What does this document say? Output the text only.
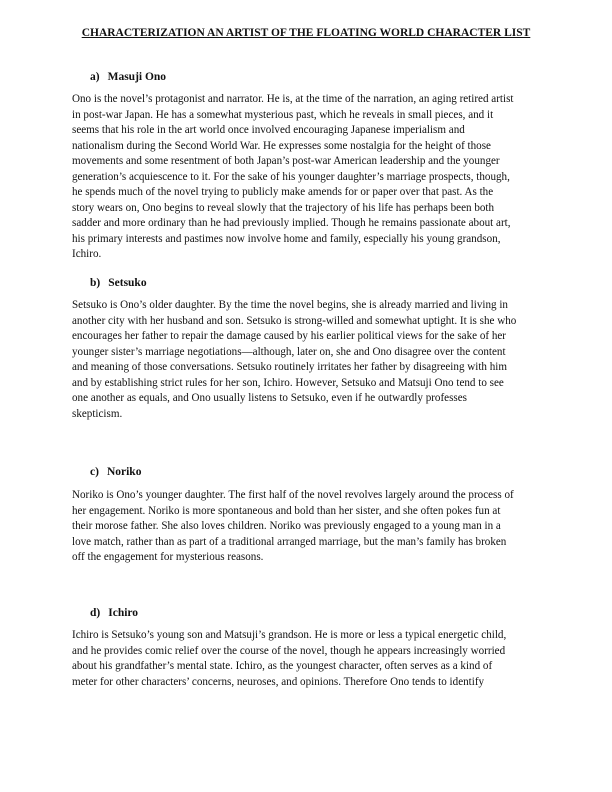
CHARACTERIZATION AN ARTIST OF THE FLOATING WORLD CHARACTER LIST
a) Masuji Ono
Ono is the novel’s protagonist and narrator. He is, at the time of the narration, an aging retired artist
in post-war Japan. He has a somewhat mysterious past, which he reveals in small pieces, and it
seems that his role in the art world once involved encouraging Japanese imperialism and
nationalism during the Second World War. He expresses some nostalgia for the height of those
movements and some resentment of both Japan’s post-war American leadership and the younger
generation’s acquiescence to it. For the sake of his younger daughter’s marriage prospects, though,
he spends much of the novel trying to publicly make amends for or paper over that past. As the
story wears on, Ono begins to reveal slowly that the trajectory of his life has perhaps been both
sadder and more ordinary than he had previously implied. Though he remains passionate about art,
his primary interests and pastimes now involve home and family, especially his young grandson,
Ichiro.
b) Setsuko
Setsuko is Ono’s older daughter. By the time the novel begins, she is already married and living in
another city with her husband and son. Setsuko is strong-willed and somewhat uptight. It is she who
encourages her father to repair the damage caused by his earlier political views for the sake of her
younger sister’s marriage negotiations—although, later on, she and Ono disagree over the content
and meaning of those conversations. Setsuko routinely irritates her father by disagreeing with him
and by establishing strict rules for her son, Ichiro. However, Setsuko and Matsuji Ono tend to see
one another as equals, and Ono usually listens to Setsuko, even if he outwardly professes
skepticism.
c) Noriko
Noriko is Ono’s younger daughter. The first half of the novel revolves largely around the process of
her engagement. Noriko is more spontaneous and bold than her sister, and she often pokes fun at
their morose father. She also loves children. Noriko was previously engaged to a young man in a
love match, rather than as part of a traditional arranged marriage, but the man’s family has broken
off the engagement for mysterious reasons.
d) Ichiro
Ichiro is Setsuko’s young son and Matsuji’s grandson. He is more or less a typical energetic child,
and he provides comic relief over the course of the novel, though he appears increasingly worried
about his grandfather’s mental state. Ichiro, as the youngest character, often serves as a kind of
meter for other characters’ concerns, neuroses, and opinions. Therefore Ono tends to identify
